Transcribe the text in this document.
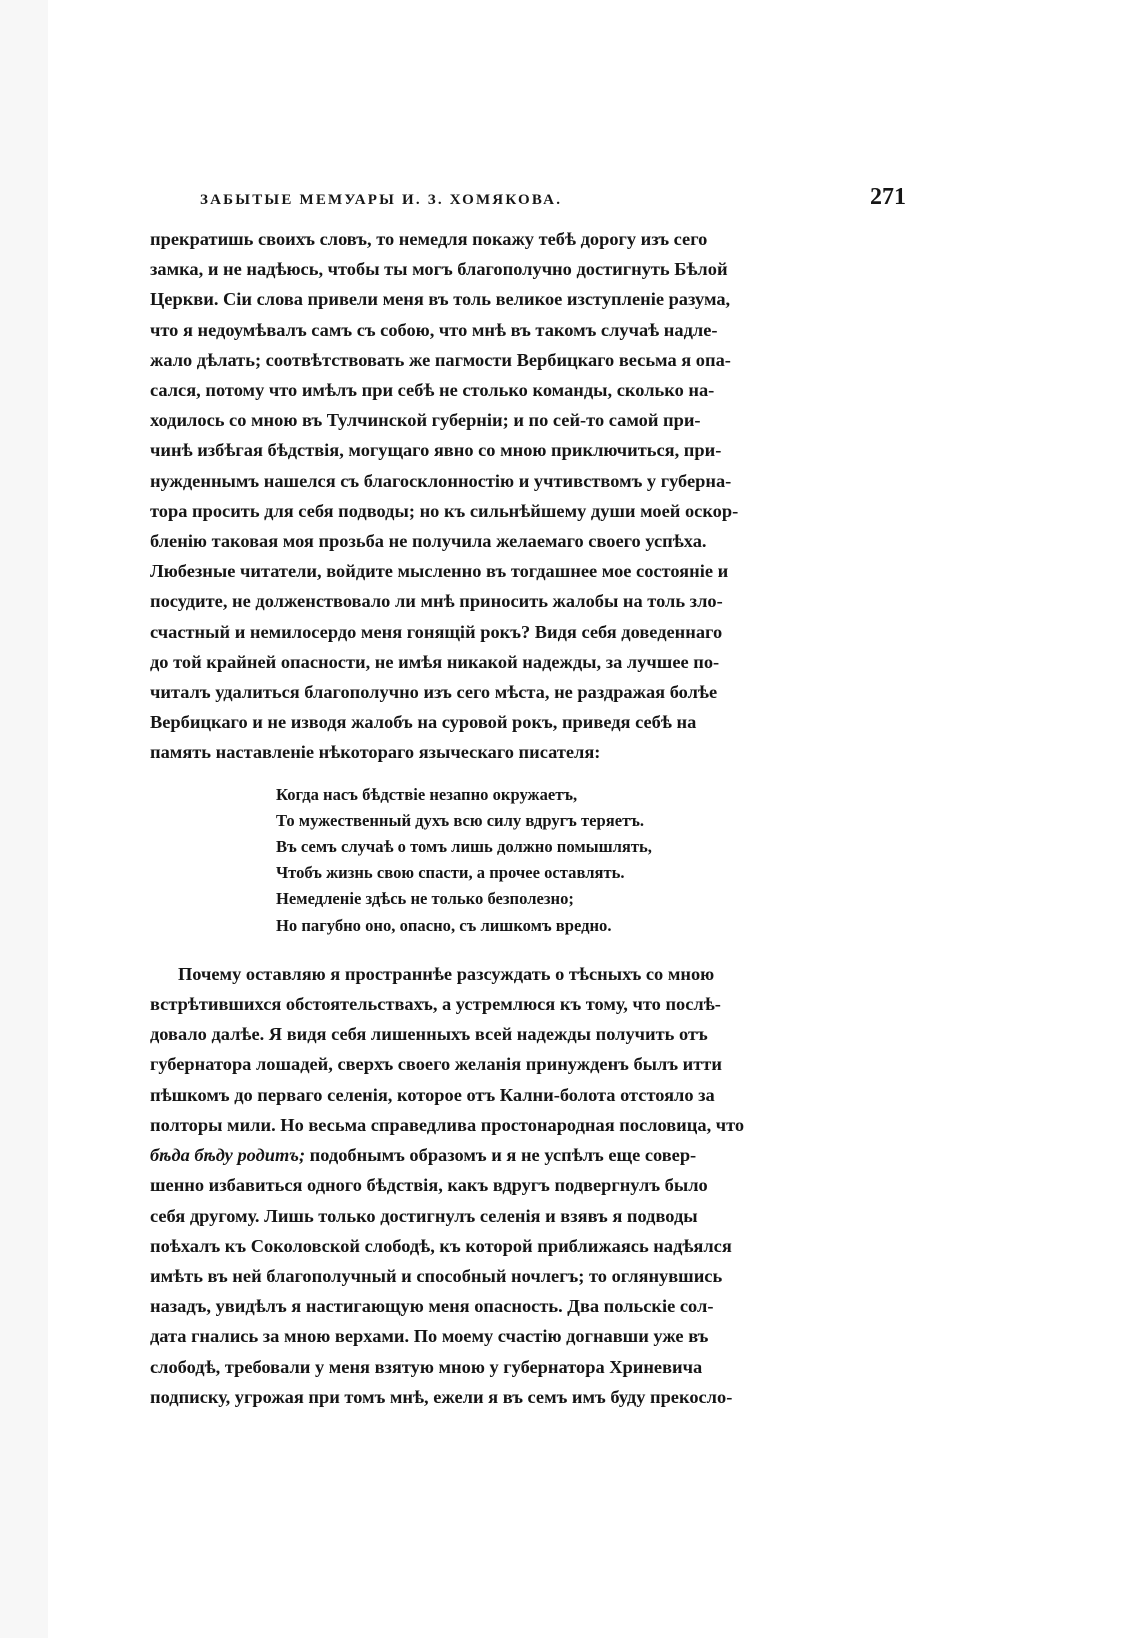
ЗАБЫТЫЕ МЕМУАРЫ И. З. ХОМЯКОВА.	271

прекратишь своихъ словъ, то немедля покажу тебѣ дорогу изъ сего
замка, и не надѣюсь, чтобы ты могъ благополучно достигнуть Бѣлой
Церкви. Сіи слова привели меня въ толь великое изступленіе разума,
что я недоумѣвалъ самъ съ собою, что мнѣ въ такомъ случаѣ надле-
жало дѣлать; соотвѣтствовать же пагмости Вербицкаго весьма я опа-
сался, потому что имѣлъ при себѣ не столько команды, сколько на-
ходилось со мною въ Тулчинской губерніи; и по сей-то самой при-
чинѣ избѣгая бѣдствія, могущаго явно со мною приключиться, при-
нужденнымъ нашелся съ благосклонностію и учтивствомъ у губерна-
тора просить для себя подводы; но къ сильнѣйшему души моей оскор-
бленію таковая моя прозьба не получила желаемаго своего успѣха.
Любезные читатели, войдите мысленно въ тогдашнее мое состояніе и
посудите, не долженствовало ли мнѣ приносить жалобы на толь зло-
счастный и немилосердо меня гонящій рокъ? Видя себя доведеннаго
до той крайней опасности, не имѣя никакой надежды, за лучшее по-
читалъ удалиться благополучно изъ сего мѣста, не раздражая болѣе
Вербицкаго и не изводя жалобъ на суровой рокъ, приведя себѣ на
память наставленіе нѣкотораго языческаго писателя:

Когда насъ бѣдствіе незапно окружаетъ,
То мужественный духъ всю силу вдругъ теряетъ.
Въ семъ случаѣ о томъ лишь должно помышлять,
Чтобъ жизнь свою спасти, а прочее оставлять.
Немедленіе здѣсь не только безполезно;
Но пагубно оно, опасно, съ лишкомъ вредно.

Почему оставляю я пространнѣе разсуждать о тѣсныхъ со мною
встрѣтившихся обстоятельствахъ, а устремлюся къ тому, что послѣ-
довало далѣе. Я видя себя лишенныхъ всей надежды получить отъ
губернатора лошадей, сверхъ своего желанія принужденъ былъ итти
пѣшкомъ до перваго селенія, которое отъ Кални-болота отстояло за
полторы мили. Но весьма справедлива простонародная пословица, что
бѣда бѣду родитъ; подобнымъ образомъ и я не успѣлъ еще совер-
шенно избавиться одного бѣдствія, какъ вдругъ подвергнулъ было
себя другому. Лишь только достигнулъ селенія и взявъ я подводы
поѣхалъ къ Соколовской слободѣ, къ которой приближаясь надѣялся
имѣть въ ней благополучный и способный ночлегъ; то оглянувшись
назадъ, увидѣлъ я настигающую меня опасность. Два польскіе сол-
дата гнались за мною верхами. По моему счастію догнавши уже въ
слободѣ, требовали у меня взятую мною у губернатора Хриневича
подписку, угрожая при томъ мнѣ, ежели я въ семъ имъ буду прекосло-
